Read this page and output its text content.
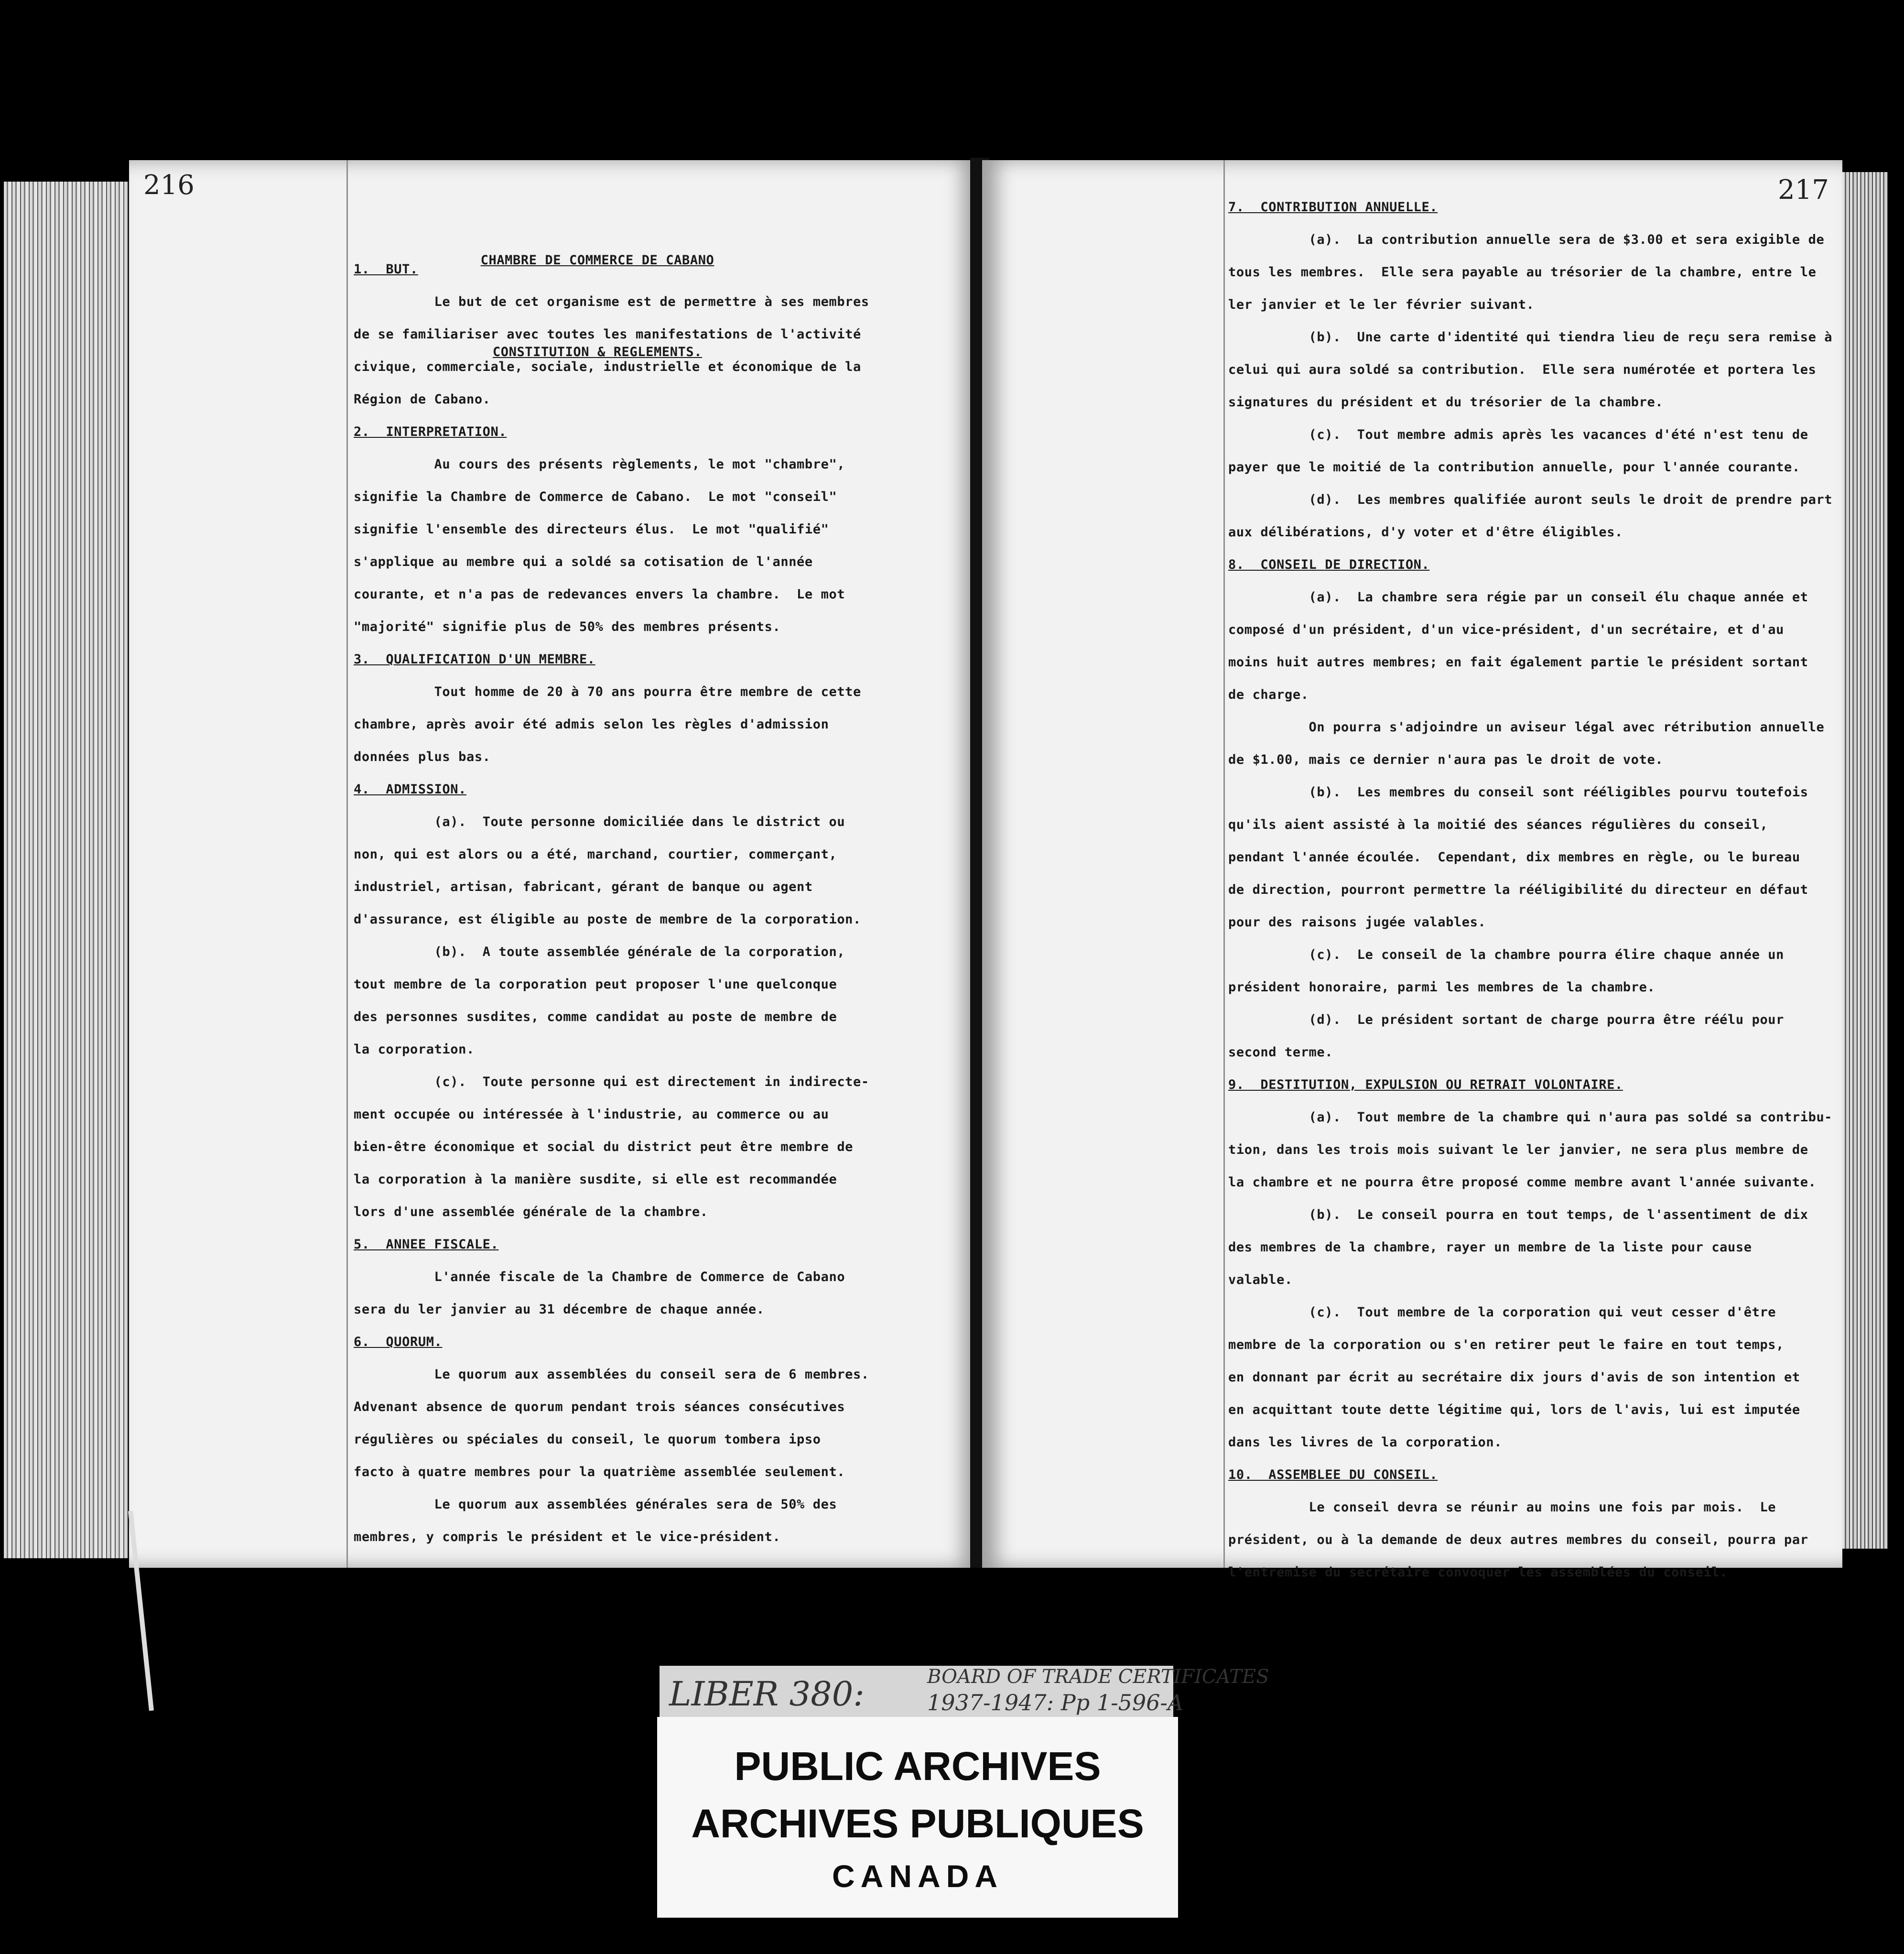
216

CHAMBRE DE COMMERCE DE CABANO

CONSTITUTION & REGLEMENTS.

1.  BUT.

Le but de cet organisme est de permettre à ses membres

de se familiariser avec toutes les manifestations de l'activité

civique, commerciale, sociale, industrielle et économique de la

Région de Cabano.

2.  INTERPRETATION.

Au cours des présents règlements, le mot "chambre",

signifie la Chambre de Commerce de Cabano.  Le mot "conseil"

signifie l'ensemble des directeurs élus.  Le mot "qualifié"

s'applique au membre qui a soldé sa cotisation de l'année

courante, et n'a pas de redevances envers la chambre.  Le mot

"majorité" signifie plus de 50% des membres présents.

3.  QUALIFICATION D'UN MEMBRE.

Tout homme de 20 à 70 ans pourra être membre de cette

chambre, après avoir été admis selon les règles d'admission

données plus bas.

4.  ADMISSION.

(a).  Toute personne domiciliée dans le district ou

non, qui est alors ou a été, marchand, courtier, commerçant,

industriel, artisan, fabricant, gérant de banque ou agent

d'assurance, est éligible au poste de membre de la corporation.

(b).  A toute assemblée générale de la corporation,

tout membre de la corporation peut proposer l'une quelconque

des personnes susdites, comme candidat au poste de membre de

la corporation.

(c).  Toute personne qui est directement in indirecte-

ment occupée ou intéressée à l'industrie, au commerce ou au

bien-être économique et social du district peut être membre de

la corporation à la manière susdite, si elle est recommandée

lors d'une assemblée générale de la chambre.

5.  ANNEE FISCALE.

L'année fiscale de la Chambre de Commerce de Cabano

sera du ler janvier au 31 décembre de chaque année.

6.  QUORUM.

Le quorum aux assemblées du conseil sera de 6 membres.

Advenant absence de quorum pendant trois séances consécutives

régulières ou spéciales du conseil, le quorum tombera ipso

facto à quatre membres pour la quatrième assemblée seulement.

Le quorum aux assemblées générales sera de 50% des

membres, y compris le président et le vice-président.

217

7.  CONTRIBUTION ANNUELLE.

(a).  La contribution annuelle sera de $3.00 et sera exigible de

tous les membres.  Elle sera payable au trésorier de la chambre, entre le

ler janvier et le ler février suivant.

(b).  Une carte d'identité qui tiendra lieu de reçu sera remise à

celui qui aura soldé sa contribution.  Elle sera numérotée et portera les

signatures du président et du trésorier de la chambre.

(c).  Tout membre admis après les vacances d'été n'est tenu de

payer que le moitié de la contribution annuelle, pour l'année courante.

(d).  Les membres qualifiée auront seuls le droit de prendre part

aux délibérations, d'y voter et d'être éligibles.

8.  CONSEIL DE DIRECTION.

(a).  La chambre sera régie par un conseil élu chaque année et

composé d'un président, d'un vice-président, d'un secrétaire, et d'au

moins huit autres membres; en fait également partie le président sortant

de charge.

On pourra s'adjoindre un aviseur légal avec rétribution annuelle

de $1.00, mais ce dernier n'aura pas le droit de vote.

(b).  Les membres du conseil sont rééligibles pourvu toutefois

qu'ils aient assisté à la moitié des séances régulières du conseil,

pendant l'année écoulée.  Cependant, dix membres en règle, ou le bureau

de direction, pourront permettre la rééligibilité du directeur en défaut

pour des raisons jugée valables.

(c).  Le conseil de la chambre pourra élire chaque année un

président honoraire, parmi les membres de la chambre.

(d).  Le président sortant de charge pourra être réélu pour

second terme.

9.  DESTITUTION, EXPULSION OU RETRAIT VOLONTAIRE.

(a).  Tout membre de la chambre qui n'aura pas soldé sa contribu-

tion, dans les trois mois suivant le ler janvier, ne sera plus membre de

la chambre et ne pourra être proposé comme membre avant l'année suivante.

(b).  Le conseil pourra en tout temps, de l'assentiment de dix

des membres de la chambre, rayer un membre de la liste pour cause

valable.

(c).  Tout membre de la corporation qui veut cesser d'être

membre de la corporation ou s'en retirer peut le faire en tout temps,

en donnant par écrit au secrétaire dix jours d'avis de son intention et

en acquittant toute dette légitime qui, lors de l'avis, lui est imputée

dans les livres de la corporation.

10.  ASSEMBLEE DU CONSEIL.

Le conseil devra se réunir au moins une fois par mois.  Le

président, ou à la demande de deux autres membres du conseil, pourra par

l'entremise du secrétaire convoquer les assemblées du conseil.

LIBER 380:	BOARD OF TRADE CERTIFICATES
1937-1947: Pp 1-596-A
PUBLIC ARCHIVES
ARCHIVES PUBLIQUES
CANADA
